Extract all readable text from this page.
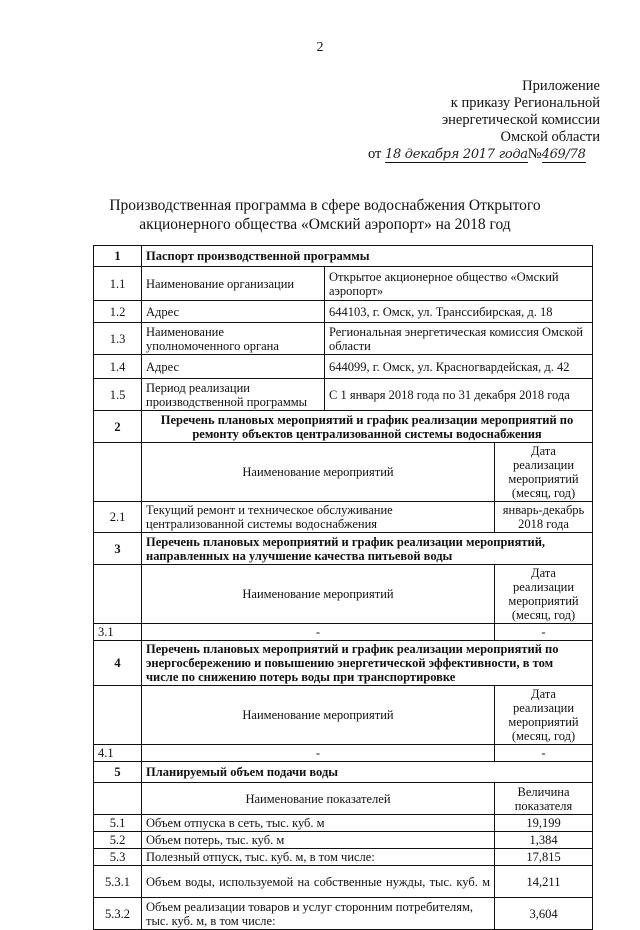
2
Приложение
к приказу Региональной
энергетической комиссии
Омской области
от 18 декабря 2017 года№469/78
Производственная программа в сфере водоснабжения Открытого
акционерного общества «Омский аэропорт» на 2018 год
1	Паспорт производственной программы		
1.1	Наименование организации	Открытое акционерное общество «Омский аэропорт»	
1.2	Адрес	644103, г. Омск, ул. Транссибирская, д. 18	
1.3	Наименование уполномоченного органа	Региональная энергетическая комиссия Омской области	
1.4	Адрес	644099, г. Омск, ул. Красногвардейская, д. 42	
1.5	Период реализации производственной программы	С 1 января 2018 года по 31 декабря 2018 года	
2	Перечень плановых мероприятий и график реализации мероприятий по ремонту объектов централизованной системы водоснабжения		
	Наименование мероприятий		Дата реализации мероприятий (месяц, год)
2.1	Текущий ремонт и техническое обслуживание централизованной системы водоснабжения		январь-декабрь 2018 года
3	Перечень плановых мероприятий и график реализации мероприятий, направленных на улучшение качества питьевой воды		
	Наименование мероприятий		Дата реализации мероприятий (месяц, год)
3.1	-		-
4	Перечень плановых мероприятий и график реализации мероприятий по энергосбережению и повышению энергетической эффективности, в том числе по снижению потерь воды при транспортировке		
	Наименование мероприятий		Дата реализации мероприятий (месяц, год)
4.1	-		-
5	Планируемый объем подачи воды		
	Наименование показателей		Величина показателя
5.1	Объем отпуска в сеть, тыс. куб. м		19,199
5.2	Объем потерь, тыс. куб. м		1,384
5.3	Полезный отпуск, тыс. куб. м, в том числе:		17,815
5.3.1	Объем воды, используемой на собственные нужды, тыс. куб. м		14,211
5.3.2	Объем реализации товаров и услуг сторонним потребителям, тыс. куб. м, в том числе:		3,604
